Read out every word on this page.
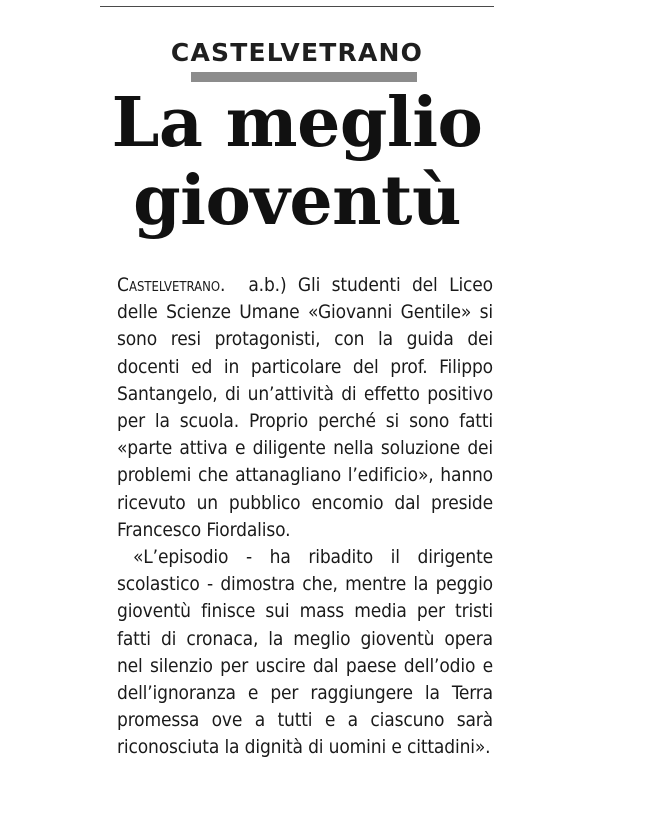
CASTELVETRANO
La meglio
gioventù

Castelvetrano. a.b.) Gli studenti del Liceo delle Scienze Umane «Giovanni Gentile» si sono resi protagonisti, con la guida dei docenti ed in particolare del prof. Filippo Santangelo, di un’attività di effetto positivo per la scuola. Proprio perché si sono fatti «parte attiva e diligente nella soluzione dei problemi che attanagliano l’edificio», hanno ricevuto un pubblico encomio dal preside Francesco Fiordaliso.

«L’episodio - ha ribadito il dirigente scolastico - dimostra che, mentre la peggio gioventù finisce sui mass media per tristi fatti di cronaca, la meglio gioventù opera nel silenzio per uscire dal paese dell’odio e dell’ignoranza e per raggiungere la Terra promessa ove a tutti e a ciascuno sarà riconosciuta la dignità di uomini e cittadini».
